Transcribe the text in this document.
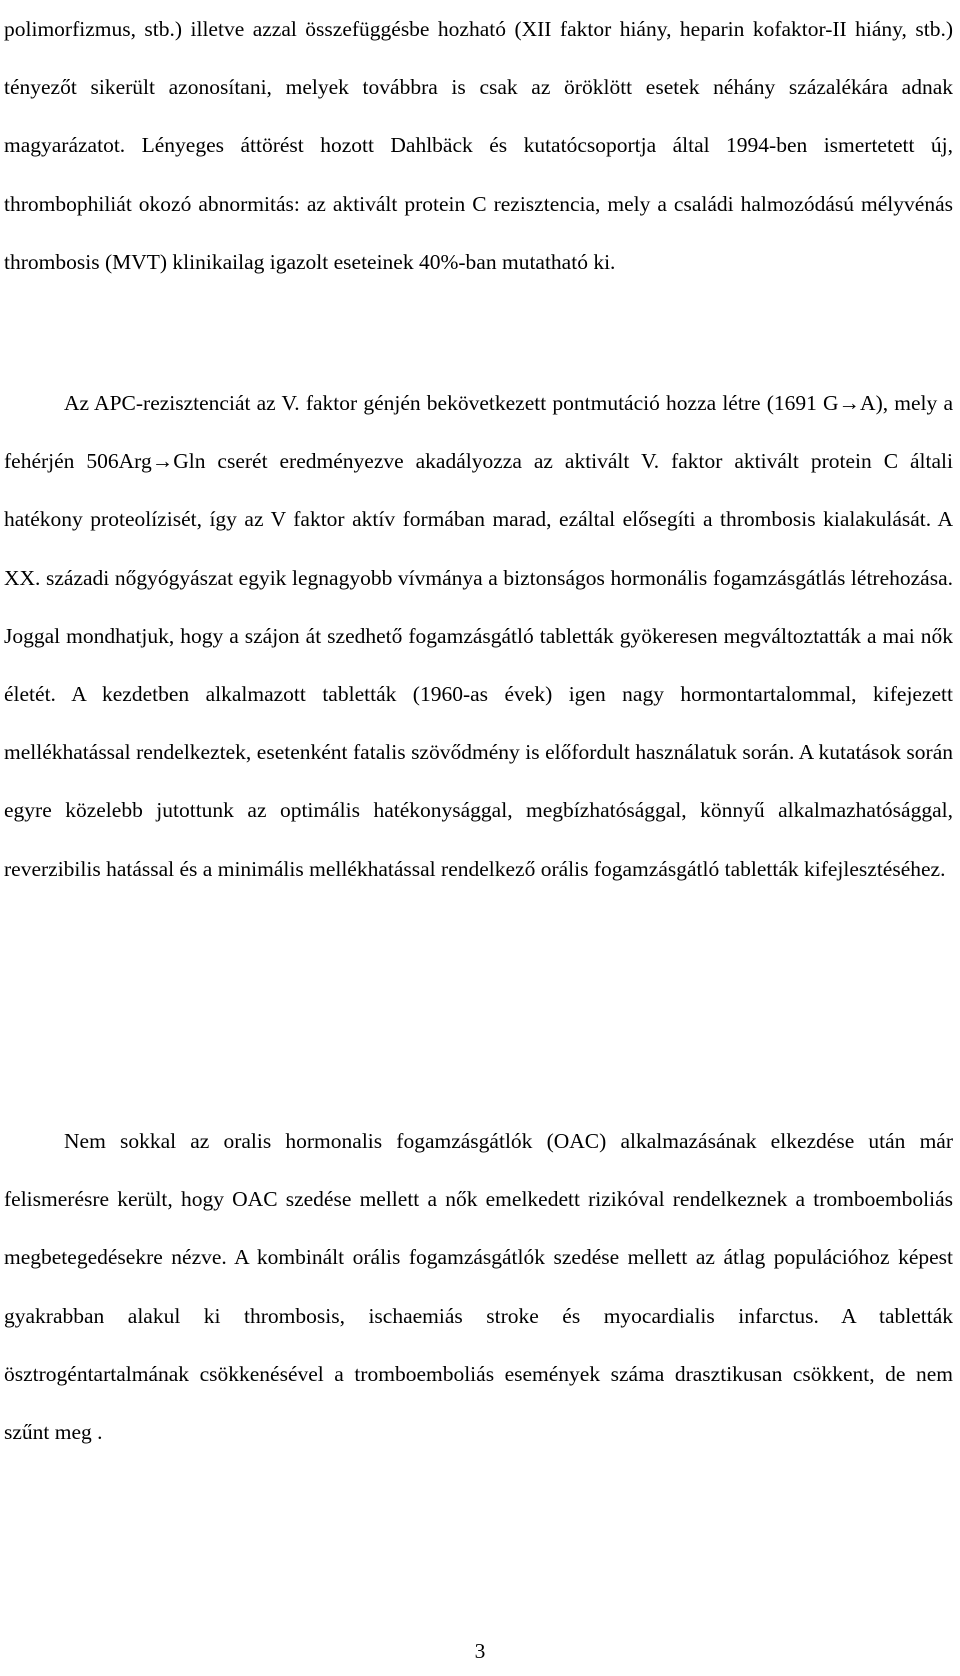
polimorfizmus, stb.) illetve azzal összefüggésbe hozható (XII faktor hiány, heparin kofaktor-II hiány, stb.) tényezőt sikerült azonosítani, melyek továbbra is csak az öröklött esetek néhány százalékára adnak magyarázatot. Lényeges áttörést hozott Dahlbäck és kutatócsoportja által 1994-ben ismertetett új, thrombophiliát okozó abnormitás: az aktivált protein C rezisztencia, mely a családi halmozódású mélyvénás thrombosis (MVT) klinikailag igazolt eseteinek 40%-ban mutatható ki.

Az APC-rezisztenciát az V. faktor génjén bekövetkezett pontmutáció hozza létre (1691 G→A), mely a fehérjén 506Arg→Gln cserét eredményezve akadályozza az aktivált V. faktor aktivált protein C általi hatékony proteolízisét, így az V faktor aktív formában marad, ezáltal elősegíti a thrombosis kialakulását. A XX. századi nőgyógyászat egyik legnagyobb vívmánya a biztonságos hormonális fogamzásgátlás létrehozása. Joggal mondhatjuk, hogy a szájon át szedhető fogamzásgátló tabletták gyökeresen megváltoztatták a mai nők életét. A kezdetben alkalmazott tabletták (1960-as évek) igen nagy hormontartalommal, kifejezett mellékhatással rendelkeztek, esetenként fatalis szövődmény is előfordult használatuk során. A kutatások során egyre közelebb jutottunk az optimális hatékonysággal, megbízhatósággal, könnyű alkalmazhatósággal, reverzibilis hatással és a minimális mellékhatással rendelkező orális fogamzásgátló tabletták kifejlesztéséhez.

Nem sokkal az oralis hormonalis fogamzásgátlók (OAC) alkalmazásának elkezdése után már felismerésre került, hogy OAC szedése mellett a nők emelkedett rizikóval rendelkeznek a tromboemboliás megbetegedésekre nézve. A kombinált orális fogamzásgátlók szedése mellett az átlag populációhoz képest gyakrabban alakul ki thrombosis, ischaemiás stroke és myocardialis infarctus. A tabletták ösztrogéntartalmának csökkenésével a tromboemboliás események száma drasztikusan csökkent, de nem szűnt meg .

3
